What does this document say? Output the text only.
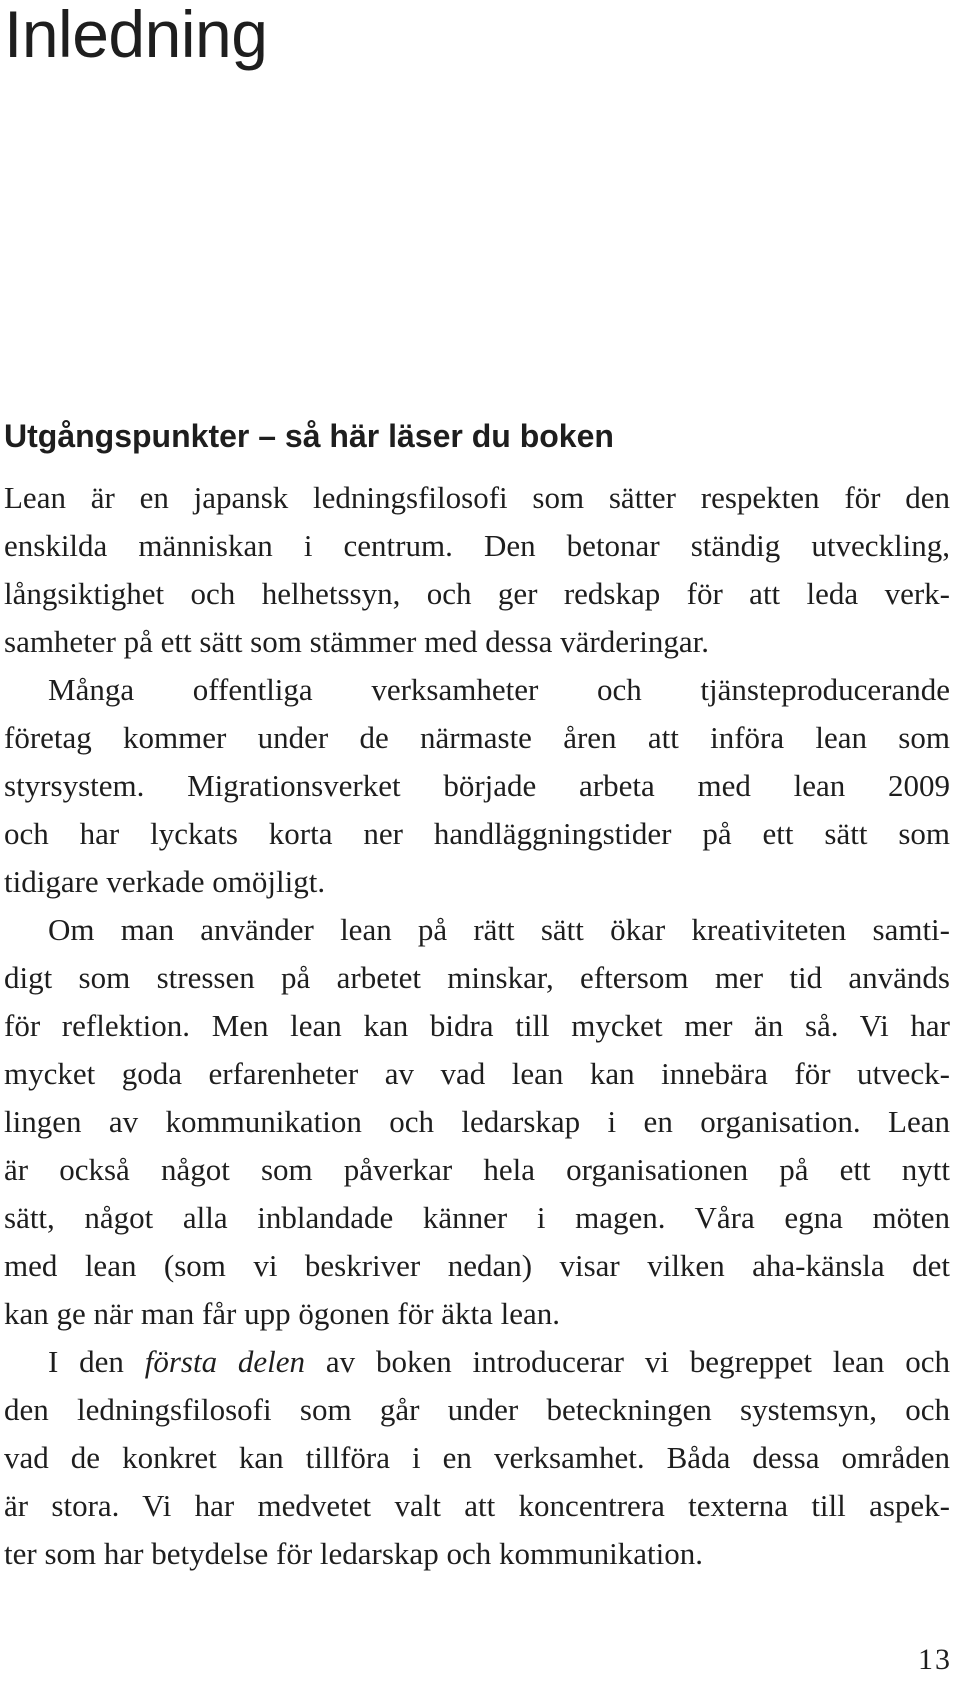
Inledning
Utgångspunkter – så här läser du boken
Lean är en japansk ledningsfilosofi som sätter respekten för den
enskilda människan i centrum. Den betonar ständig utveckling,
långsiktighet och helhetssyn, och ger redskap för att leda verk-
samheter på ett sätt som stämmer med dessa värderingar.
Många offentliga verksamheter och tjänsteproducerande
företag kommer under de närmaste åren att införa lean som
styrsystem. Migrationsverket började arbeta med lean 2009
och har lyckats korta ner handläggningstider på ett sätt som
tidigare verkade omöjligt.
Om man använder lean på rätt sätt ökar kreativiteten samti-
digt som stressen på arbetet minskar, eftersom mer tid används
för reflektion. Men lean kan bidra till mycket mer än så. Vi har
mycket goda erfarenheter av vad lean kan innebära för utveck-
lingen av kommunikation och ledarskap i en organisation. Lean
är också något som påverkar hela organisationen på ett nytt
sätt, något alla inblandade känner i magen. Våra egna möten
med lean (som vi beskriver nedan) visar vilken aha-känsla det
kan ge när man får upp ögonen för äkta lean.
I den första delen av boken introducerar vi begreppet lean och
den ledningsfilosofi som går under beteckningen systemsyn, och
vad de konkret kan tillföra i en verksamhet. Båda dessa områden
är stora. Vi har medvetet valt att koncentrera texterna till aspek-
ter som har betydelse för ledarskap och kommunikation.
13
